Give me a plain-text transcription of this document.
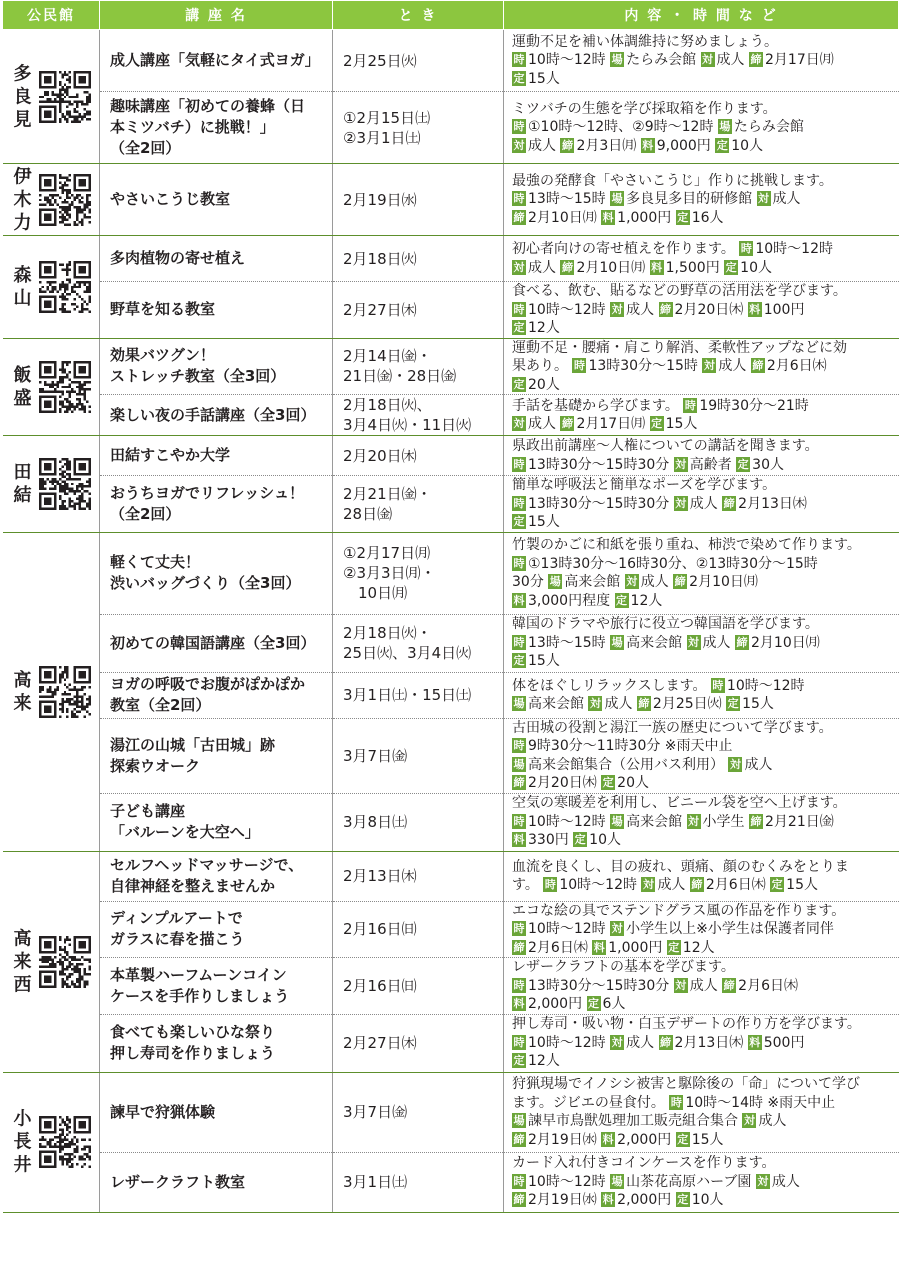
公民館	講 座 名	と き	内 容 ・ 時 間 な ど

多
良
見	成人講座「気軽にタイ式ヨガ」	2月25日㈫	運動不足を補い体調維持に努めましょう。
時 10時～12時 場 たらみ会館 対 成人 締 2月17日㈪
定 15人

	趣味講座「初めての養蜂（日
本ミツバチ）に挑戦！」
（全2回）	①2月15日㈯
②3月1日㈯	ミツバチの生態を学び採取箱を作ります。
時 ①10時～12時、②9時～12時 場 たらみ会館
対 成人 締 2月3日㈪ 料 9,000円 定 10人

伊
木
力	やさいこうじ教室	2月19日㈬	最強の発酵食「やさいこうじ」作りに挑戦します。
時 13時～15時 場 多良見多目的研修館 対 成人
締 2月10日㈪ 料 1,000円 定 16人

森
山	多肉植物の寄せ植え	2月18日㈫	初心者向けの寄せ植えを作ります。 時 10時～12時
対 成人 締 2月10日㈪ 料 1,500円 定 10人

	野草を知る教室	2月27日㈭	食べる、飲む、貼るなどの野草の活用法を学びます。
時 10時～12時 対 成人 締 2月20日㈭ 料 100円
定 12人

飯
盛	効果バツグン！
ストレッチ教室（全3回）	2月14日㈮・
21日㈮・28日㈮	運動不足・腰痛・肩こり解消、柔軟性アップなどに効
果あり。 時 13時30分～15時 対 成人 締 2月6日㈭
定 20人

	楽しい夜の手話講座（全3回）	2月18日㈫、
3月4日㈫・11日㈫	手話を基礎から学びます。 時 19時30分～21時
対 成人 締 2月17日㈪ 定 15人

田
結	田結すこやか大学	2月20日㈭	県政出前講座～人権についての講話を聞きます。
時 13時30分～15時30分 対 高齢者 定 30人

	おうちヨガでリフレッシュ！
（全2回）	2月21日㈮・
28日㈮	簡単な呼吸法と簡単なポーズを学びます。
時 13時30分～15時30分 対 成人 締 2月13日㈭
定 15人

高
来	軽くて丈夫！
渋いバッグづくり（全3回）	①2月17日㈪
②3月3日㈪・
　10日㈪	竹製のかごに和紙を張り重ね、柿渋で染めて作ります。
時 ①13時30分～16時30分、②13時30分～15時
30分 場 高来会館 対 成人 締 2月10日㈪
料 3,000円程度 定 12人

	初めての韓国語講座（全3回）	2月18日㈫・
25日㈫、3月4日㈫	韓国のドラマや旅行に役立つ韓国語を学びます。
時 13時～15時 場 高来会館 対 成人 締 2月10日㈪
定 15人

	ヨガの呼吸でお腹がぽかぽか
教室（全2回）	3月1日㈯・15日㈯	体をほぐしリラックスします。 時 10時～12時
場 高来会館 対 成人 締 2月25日㈫ 定 15人

	湯江の山城「古田城」跡
探索ウオーク	3月7日㈮	古田城の役割と湯江一族の歴史について学びます。
時 9時30分～11時30分 ※雨天中止
場 高来会館集合（公用バス利用） 対 成人
締 2月20日㈭ 定 20人

	子ども講座
「バルーンを大空へ」	3月8日㈯	空気の寒暖差を利用し、ビニール袋を空へ上げます。
時 10時～12時 場 高来会館 対 小学生 締 2月21日㈮
料 330円 定 10人

高
来
西	セルフヘッドマッサージで、
自律神経を整えませんか	2月13日㈭	血流を良くし、目の疲れ、頭痛、顔のむくみをとりま
す。 時 10時～12時 対 成人 締 2月6日㈭ 定 15人

	ディンプルアートで
ガラスに春を描こう	2月16日㈰	エコな絵の具でステンドグラス風の作品を作ります。
時 10時～12時 対 小学生以上※小学生は保護者同伴
締 2月6日㈭ 料 1,000円 定 12人

	本革製ハーフムーンコイン
ケースを手作りしましょう	2月16日㈰	レザークラフトの基本を学びます。
時 13時30分～15時30分 対 成人 締 2月6日㈭
料 2,000円 定 6人

	食べても楽しいひな祭り
押し寿司を作りましょう	2月27日㈭	押し寿司・吸い物・白玉デザートの作り方を学びます。
時 10時～12時 対 成人 締 2月13日㈭ 料 500円
定 12人

小
長
井	諫早で狩猟体験	3月7日㈮	狩猟現場でイノシシ被害と駆除後の「命」について学び
ます。ジビエの昼食付。 時 10時～14時 ※雨天中止
場 諫早市鳥獣処理加工販売組合集合 対 成人
締 2月19日㈬ 料 2,000円 定 15人

	レザークラフト教室	3月1日㈯	カード入れ付きコインケースを作ります。
時 10時～12時 場 山茶花高原ハーブ園 対 成人
締 2月19日㈬ 料 2,000円 定 10人
